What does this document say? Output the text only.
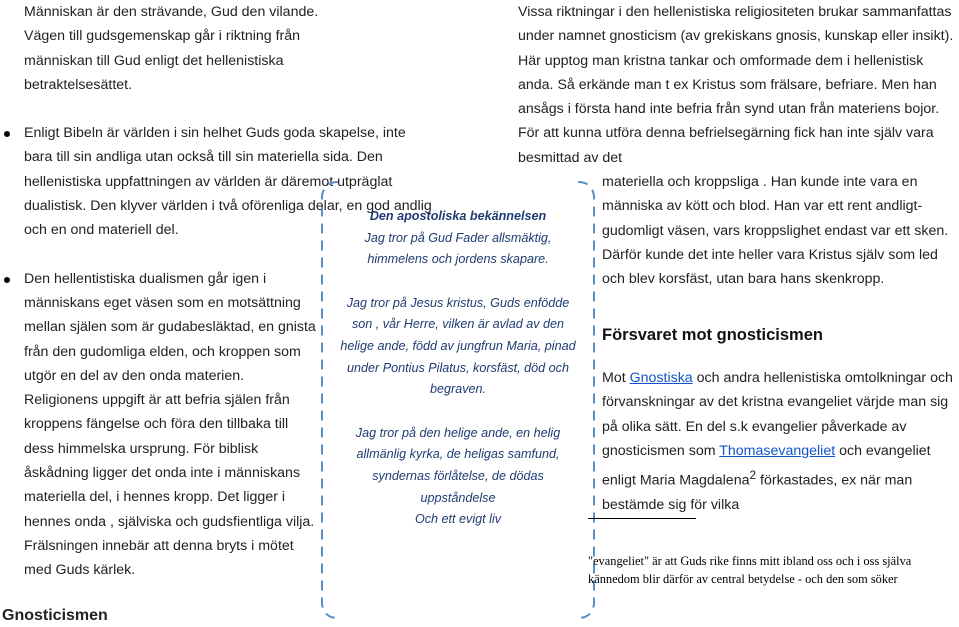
Människan är den strävande, Gud den vilande. Vägen till gudsgemenskap går i riktning från människan till Gud enligt det hellenistiska betraktelsesättet.

Enligt Bibeln är världen i sin helhet Guds goda skapelse, inte bara till sin andliga utan också till sin materiella sida. Den hellenistiska uppfattningen av världen är däremot utpräglat dualistisk. Den klyver världen i två oförenliga delar, en god andlig och en ond materiell del.

Den hellentistiska dualismen går igen i människans eget väsen som en motsättning mellan själen som är gudabesläktad, en gnista från den gudomliga elden, och kroppen som utgör en del av den onda materien. Religionens uppgift är att befria själen från kroppens fängelse och föra den tillbaka till dess himmelska ursprung. För biblisk åskådning ligger det onda inte i människans materiella del, i hennes kropp. Det ligger i hennes onda , själviska och gudsfientliga vilja. Frälsningen innebär att denna bryts i mötet med Guds kärlek.

Gnosticismen

Den apostoliska bekännelsen

Jag tror på Gud Fader allsmäktig, himmelens och jordens skapare.

Jag tror på Jesus kristus, Guds enfödde son , vår Herre, vilken är avlad av den helige ande, född av jungfrun Maria, pinad under Pontius Pilatus, korsfäst, död och begraven.

Jag tror på den helige ande, en helig allmänlig kyrka, de heligas samfund, syndernas förlåtelse, de dödas uppståndelse

Och ett evigt liv

Vissa riktningar i den hellenistiska religiositeten brukar sammanfattas under namnet gnosticism (av grekiskans gnosis, kunskap eller insikt). Här upptog man kristna tankar och omformade dem i hellenistisk anda. Så erkände man t ex Kristus som frälsare, befriare. Men han ansågs i första hand inte befria från synd utan från materiens bojor. För att kunna utföra denna befrielsegärning fick han inte själv vara besmittad av det

materiella och kroppsliga . Han kunde inte vara en människa av kött och blod. Han var ett rent andligt-gudomligt väsen, vars kroppslighet endast var ett sken. Därför kunde det inte heller vara Kristus själv som led och blev korsfäst, utan bara hans skenkropp.

Försvaret mot gnosticismen
Mot Gnostiska och andra hellenistiska omtolkningar och förvanskningar av det kristna evangeliet värjde man sig på olika sätt. En del s.k evangelier påverkade av gnosticismen som Thomasevangeliet och evangeliet enligt Maria Magdalena$^2$ förkastades, ex när man bestämde sig för vilka
"evangeliet" är att Guds rike finns mitt ibland oss och i oss själva kännedom blir därför av central betydelse - och den som söker
